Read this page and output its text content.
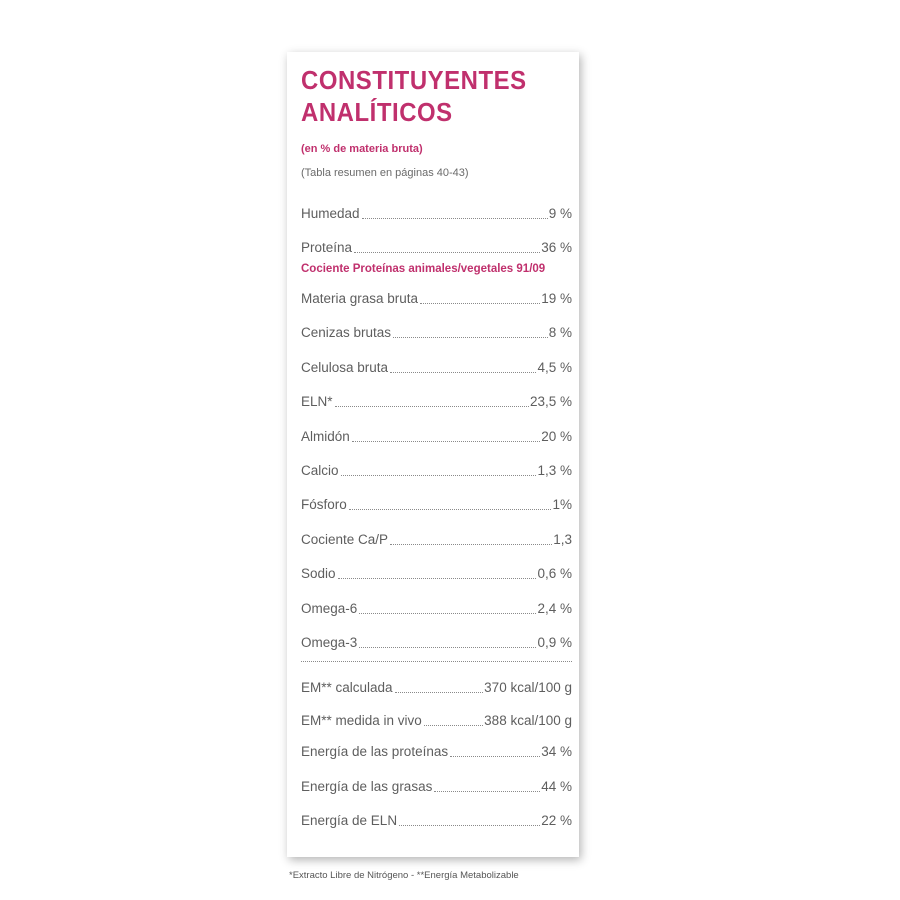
CONSTITUYENTES
ANALÍTICOS
(en % de materia bruta)
(Tabla resumen en páginas 40-43)
Humedad	9 %
Proteína	36 %
Cociente Proteínas animales/vegetales 91/09
Materia grasa bruta	19 %
Cenizas brutas	8 %
Celulosa bruta	4,5 %
ELN*	23,5 %
Almidón	20 %
Calcio	1,3 %
Fósforo	1%
Cociente Ca/P	1,3
Sodio	0,6 %
Omega-6	2,4 %
Omega-3	0,9 %
EM** calculada	370 kcal/100 g
EM** medida in vivo	388 kcal/100 g
Energía de las proteínas	34 %
Energía de las grasas	44 %
Energía de ELN	22 %
*Extracto Libre de Nitrógeno - **Energía Metabolizable
